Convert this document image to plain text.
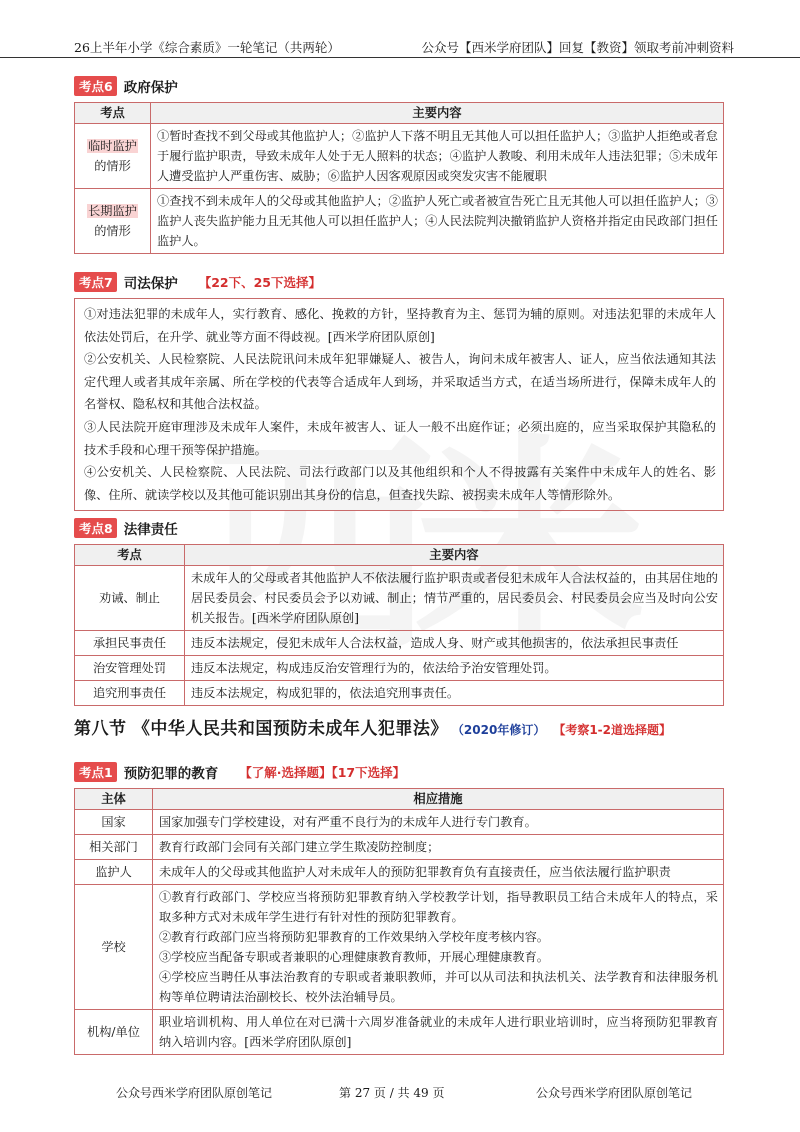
26上半年小学《综合素质》一轮笔记（共两轮）	公众号【西米学府团队】回复【教资】领取考前冲刺资料
考点6 政府保护
考点	主要内容
临时监护
的情形	①暂时查找不到父母或其他监护人；②监护人下落不明且无其他人可以担任监护人；③监护人拒绝或者怠于履行监护职责，导致未成年人处于无人照料的状态；④监护人教唆、利用未成年人违法犯罪；⑤未成年人遭受监护人严重伤害、威胁；⑥监护人因客观原因或突发灾害不能履职
长期监护
的情形	①查找不到未成年人的父母或其他监护人；②监护人死亡或者被宣告死亡且无其他人可以担任监护人；③监护人丧失监护能力且无其他人可以担任监护人；④人民法院判决撤销监护人资格并指定由民政部门担任监护人。
考点7 司法保护 【22下、25下选择】
①对违法犯罪的未成年人，实行教育、感化、挽救的方针，坚持教育为主、惩罚为辅的原则。对违法犯罪的未成年人依法处罚后，在升学、就业等方面不得歧视。[西米学府团队原创]
②公安机关、人民检察院、人民法院讯问未成年犯罪嫌疑人、被告人，询问未成年被害人、证人，应当依法通知其法定代理人或者其成年亲属、所在学校的代表等合适成年人到场，并采取适当方式，在适当场所进行，保障未成年人的名誉权、隐私权和其他合法权益。
③人民法院开庭审理涉及未成年人案件，未成年被害人、证人一般不出庭作证；必须出庭的，应当采取保护其隐私的技术手段和心理干预等保护措施。
④公安机关、人民检察院、人民法院、司法行政部门以及其他组织和个人不得披露有关案件中未成年人的姓名、影像、住所、就读学校以及其他可能识别出其身份的信息，但查找失踪、被拐卖未成年人等情形除外。
考点8 法律责任
考点	主要内容
劝诫、制止	未成年人的父母或者其他监护人不依法履行监护职责或者侵犯未成年人合法权益的，由其居住地的居民委员会、村民委员会予以劝诫、制止；情节严重的，居民委员会、村民委员会应当及时向公安机关报告。[西米学府团队原创]
承担民事责任	违反本法规定，侵犯未成年人合法权益，造成人身、财产或其他损害的，依法承担民事责任
治安管理处罚	违反本法规定，构成违反治安管理行为的，依法给予治安管理处罚。
追究刑事责任	违反本法规定，构成犯罪的，依法追究刑事责任。
第八节 《中华人民共和国预防未成年人犯罪法》 （2020年修订） 【考察1-2道选择题】
考点1 预防犯罪的教育 【了解·选择题】【17下选择】
主体	相应措施
国家	国家加强专门学校建设，对有严重不良行为的未成年人进行专门教育。
相关部门	教育行政部门会同有关部门建立学生欺凌防控制度；
监护人	未成年人的父母或其他监护人对未成年人的预防犯罪教育负有直接责任，应当依法履行监护职责
学校	①教育行政部门、学校应当将预防犯罪教育纳入学校教学计划，指导教职员工结合未成年人的特点，采取多种方式对未成年学生进行有针对性的预防犯罪教育。
②教育行政部门应当将预防犯罪教育的工作效果纳入学校年度考核内容。
③学校应当配备专职或者兼职的心理健康教育教师，开展心理健康教育。
④学校应当聘任从事法治教育的专职或者兼职教师，并可以从司法和执法机关、法学教育和法律服务机构等单位聘请法治副校长、校外法治辅导员。

机构/单位	职业培训机构、用人单位在对已满十六周岁准备就业的未成年人进行职业培训时，应当将预防犯罪教育纳入培训内容。[西米学府团队原创]
公众号西米学府团队原创笔记	第 27 页 / 共 49 页	公众号西米学府团队原创笔记
